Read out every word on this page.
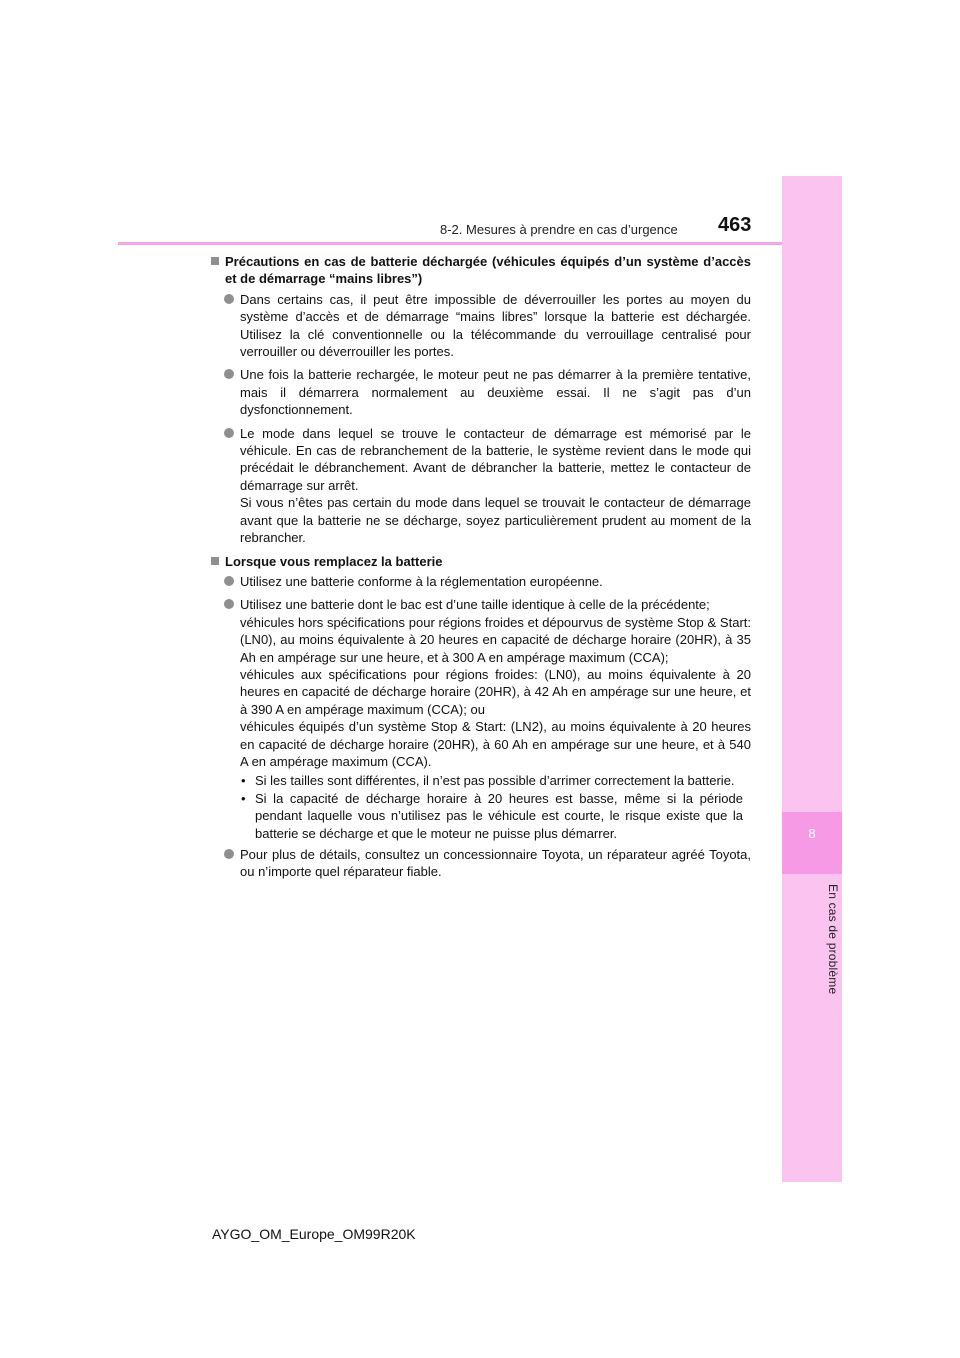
8
En cas de problème
8-2. Mesures à prendre en cas d’urgence 463
Précautions en cas de batterie déchargée (véhicules équipés d’un système d’accès et de démarrage “mains libres”)

Dans certains cas, il peut être impossible de déverrouiller les portes au moyen du système d’accès et de démarrage “mains libres” lorsque la batterie est déchargée. Utilisez la clé conventionnelle ou la télécommande du verrouillage centralisé pour verrouiller ou déverrouiller les portes.

Une fois la batterie rechargée, le moteur peut ne pas démarrer à la première tentative, mais il démarrera normalement au deuxième essai. Il ne s’agit pas d’un dysfonctionnement.

Le mode dans lequel se trouve le contacteur de démarrage est mémorisé par le véhicule. En cas de rebranchement de la batterie, le système revient dans le mode qui précédait le débranchement. Avant de débrancher la batterie, mettez le contacteur de démarrage sur arrêt.

Si vous n’êtes pas certain du mode dans lequel se trouvait le contacteur de démarrage avant que la batterie ne se décharge, soyez particulièrement prudent au moment de la rebrancher.

Lorsque vous remplacez la batterie

Utilisez une batterie conforme à la réglementation européenne.

Utilisez une batterie dont le bac est d’une taille identique à celle de la précédente;

véhicules hors spécifications pour régions froides et dépourvus de système Stop & Start: (LN0), au moins équivalente à 20 heures en capacité de décharge horaire (20HR), à 35 Ah en ampérage sur une heure, et à 300 A en ampérage maximum (CCA);

véhicules aux spécifications pour régions froides: (LN0), au moins équivalente à 20 heures en capacité de décharge horaire (20HR), à 42 Ah en ampérage sur une heure, et à 390 A en ampérage maximum (CCA); ou

véhicules équipés d’un système Stop & Start: (LN2), au moins équivalente à 20 heures en capacité de décharge horaire (20HR), à 60 Ah en ampérage sur une heure, et à 540 A en ampérage maximum (CCA).

• Si les tailles sont différentes, il n’est pas possible d’arrimer correctement la batterie.

• Si la capacité de décharge horaire à 20 heures est basse, même si la période pendant laquelle vous n’utilisez pas le véhicule est courte, le risque existe que la batterie se décharge et que le moteur ne puisse plus démarrer.

Pour plus de détails, consultez un concessionnaire Toyota, un réparateur agréé Toyota, ou n’importe quel réparateur fiable.

AYGO_OM_Europe_OM99R20K
